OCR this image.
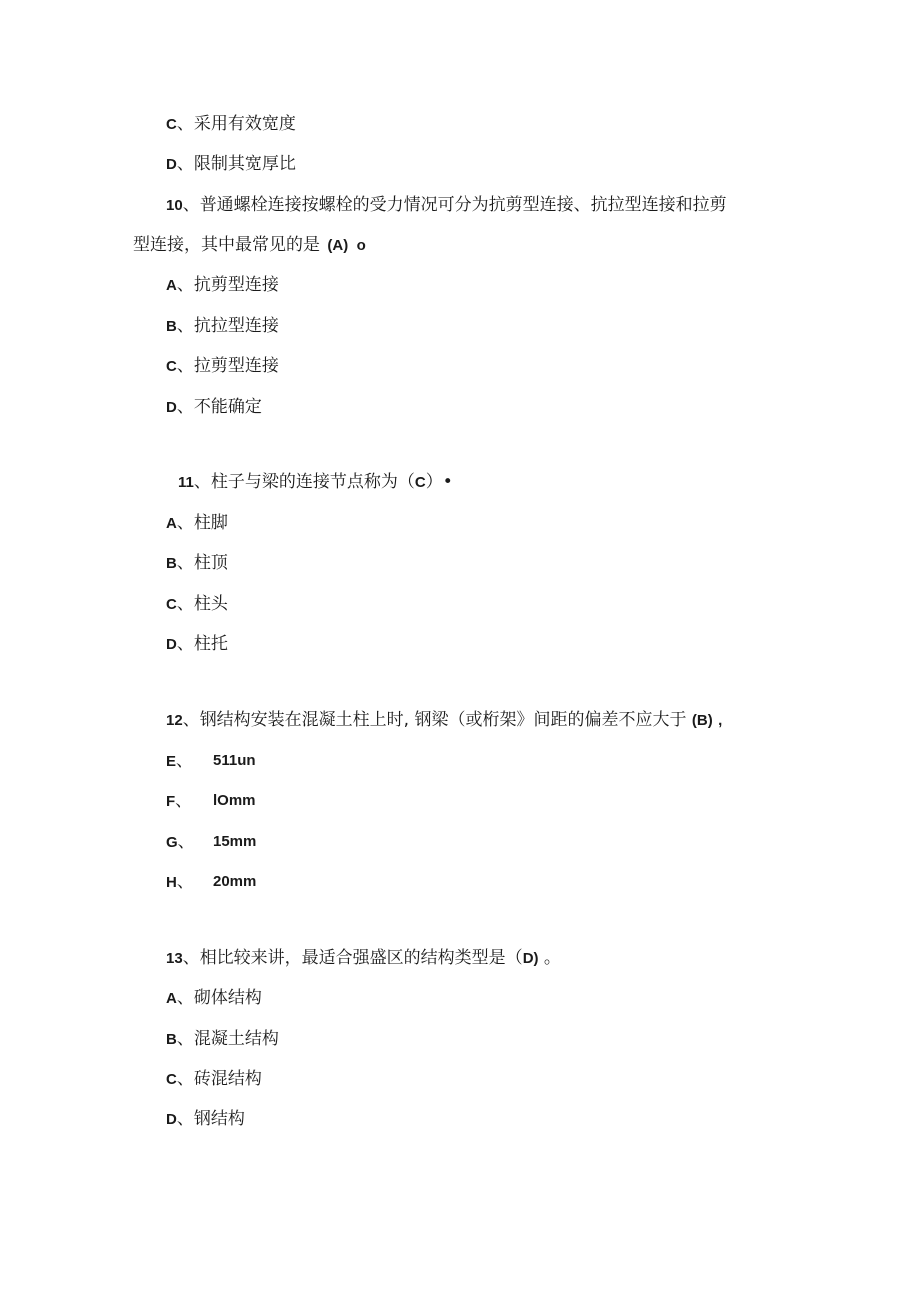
C、采用有效宽度
D、限制其宽厚比
10、普通螺栓连接按螺栓的受力情况可分为抗剪型连接、抗拉型连接和拉剪
型连接，其中最常见的是 (A) o
A、抗剪型连接
B、抗拉型连接
C、拉剪型连接
D、不能确定
11、柱子与梁的连接节点称为（C）•
A、柱脚
B、柱顶
C、柱头
D、柱托
12、钢结构安装在混凝土柱上时, 钢梁（或桁架》间距的偏差不应大于 (B) ,
E、 511un
F、 lOmm
G、 15mm
H、 20mm
13、相比较来讲，最适合强盛区的结构类型是（D) 。
A、砌体结构
B、混凝土结构
C、砖混结构
D、钢结构
